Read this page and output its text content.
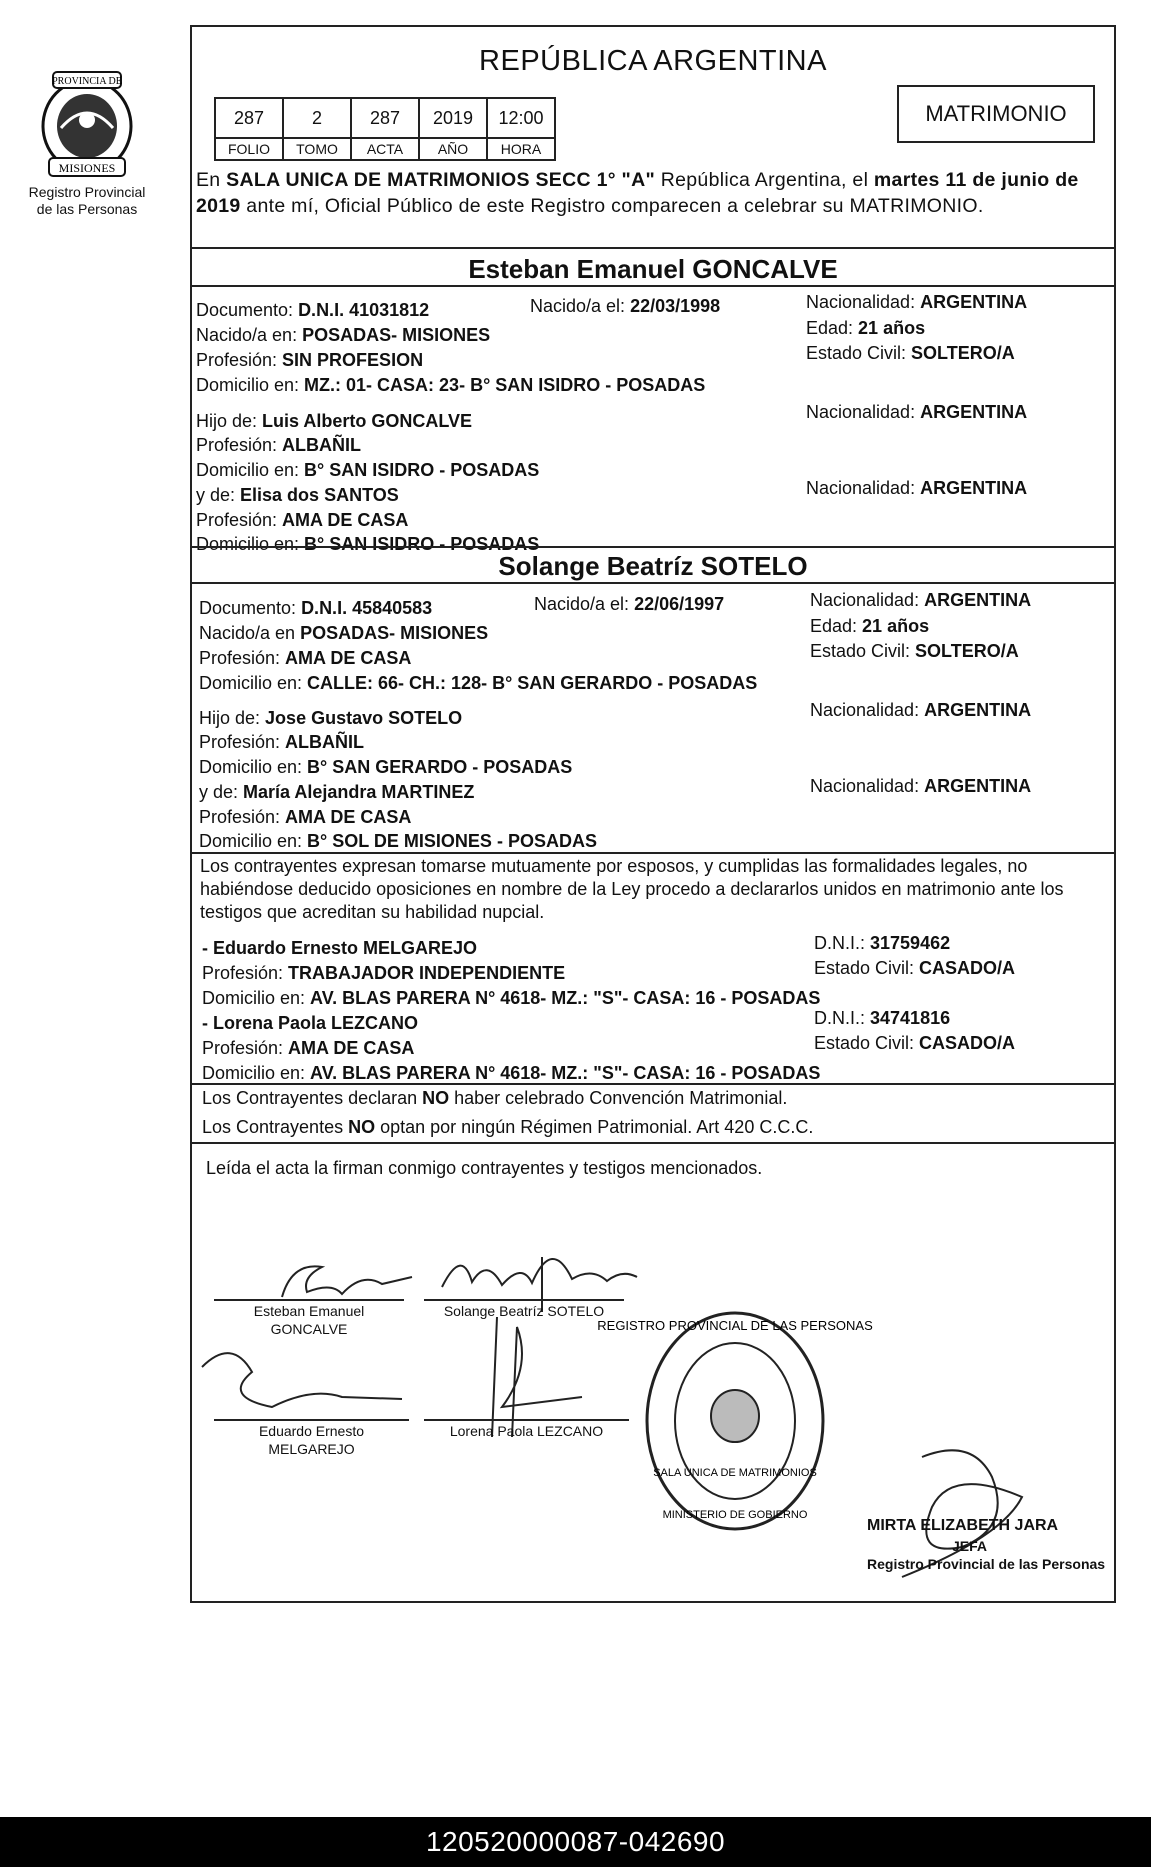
PROVINCIA DE
MISIONES
Registro Provincial
de las Personas
REPÚBLICA ARGENTINA
287	2	287	2019	12:00
FOLIO	TOMO	ACTA	AÑO	HORA
MATRIMONIO
En SALA UNICA DE MATRIMONIOS SECC 1° "A" República Argentina, el martes 11 de junio de 2019 ante mí, Oficial Público de este Registro comparecen a celebrar su MATRIMONIO.
Esteban Emanuel GONCALVE
Documento: D.N.I. 41031812	Nacido/a el: 22/03/1998	Nacionalidad: ARGENTINA
Nacido/a en: POSADAS- MISIONES	Edad: 21 años
Profesión: SIN PROFESION	Estado Civil: SOLTERO/A
Domicilio en: MZ.: 01- CASA: 23- B° SAN ISIDRO - POSADAS
Hijo de: Luis Alberto GONCALVE	Nacionalidad: ARGENTINA
Profesión: ALBAÑIL
Domicilio en: B° SAN ISIDRO - POSADAS
y de: Elisa dos SANTOS	Nacionalidad: ARGENTINA
Profesión: AMA DE CASA
Domicilio en: B° SAN ISIDRO - POSADAS
Solange Beatríz SOTELO
Documento: D.N.I. 45840583	Nacido/a el: 22/06/1997	Nacionalidad: ARGENTINA
Nacido/a en POSADAS- MISIONES	Edad: 21 años
Profesión: AMA DE CASA	Estado Civil: SOLTERO/A
Domicilio en: CALLE: 66- CH.: 128- B° SAN GERARDO - POSADAS
Hijo de: Jose Gustavo SOTELO	Nacionalidad: ARGENTINA
Profesión: ALBAÑIL
Domicilio en: B° SAN GERARDO - POSADAS
y de: María Alejandra MARTINEZ	Nacionalidad: ARGENTINA
Profesión: AMA DE CASA
Domicilio en: B° SOL DE MISIONES - POSADAS
Los contrayentes expresan tomarse mutuamente por esposos, y cumplidas las formalidades legales, no habiéndose deducido oposiciones en nombre de la Ley procedo a declararlos unidos en matrimonio ante los testigos que acreditan su habilidad nupcial.
- Eduardo Ernesto MELGAREJO	D.N.I.: 31759462
Profesión: TRABAJADOR INDEPENDIENTE	Estado Civil: CASADO/A
Domicilio en: AV. BLAS PARERA N° 4618- MZ.: "S"- CASA: 16 - POSADAS
- Lorena Paola LEZCANO	D.N.I.: 34741816
Profesión: AMA DE CASA	Estado Civil: CASADO/A
Domicilio en: AV. BLAS PARERA N° 4618- MZ.: "S"- CASA: 16 - POSADAS
Los Contrayentes declaran NO haber celebrado Convención Matrimonial.
Los Contrayentes NO optan por ningún Régimen Patrimonial. Art 420 C.C.C.
Leída el acta la firman conmigo contrayentes y testigos mencionados.
Esteban Emanuel
GONCALVE
Solange Beatríz SOTELO
Eduardo Ernesto
MELGAREJO
Lorena Paola LEZCANO
MIRTA ELIZABETH JARA
JEFA
Registro Provincial de las Personas
REGISTRO PROVINCIAL DE LAS PERSONAS
SALA UNICA DE MATRIMONIOS
MINISTERIO DE GOBIERNO
120520000087-042690
